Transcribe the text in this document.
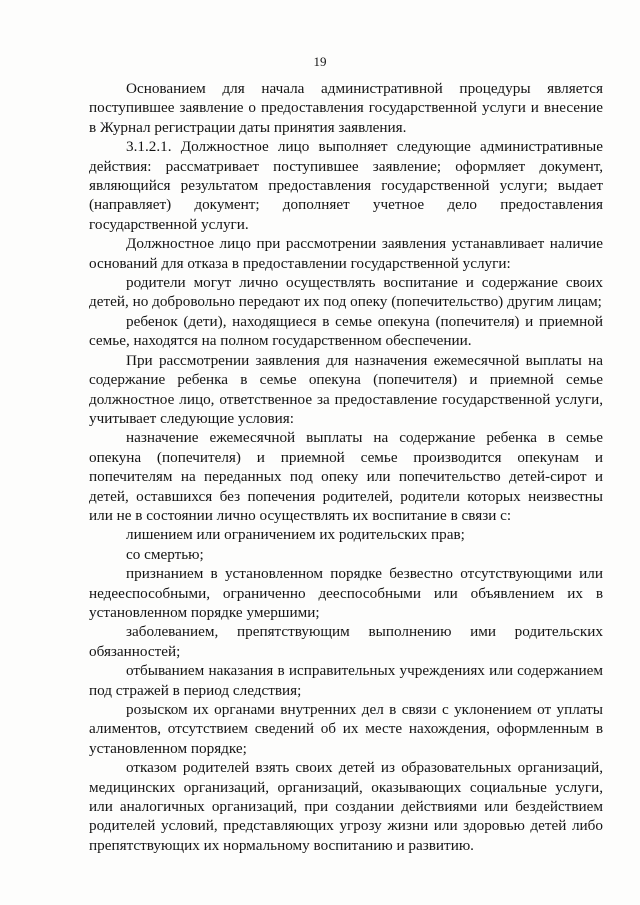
19

Основанием для начала административной процедуры является поступившее заявление о предоставления государственной услуги и внесение в Журнал регистрации даты принятия заявления.

3.1.2.1. Должностное лицо выполняет следующие административные действия: рассматривает поступившее заявление; оформляет документ, являющийся результатом предоставления государственной услуги; выдает (направляет) документ; дополняет учетное дело предоставления государственной услуги.

Должностное лицо при рассмотрении заявления устанавливает наличие оснований для отказа в предоставлении государственной услуги:

родители могут лично осуществлять воспитание и содержание своих детей, но добровольно передают их под опеку (попечительство) другим лицам;

ребенок (дети), находящиеся в семье опекуна (попечителя) и приемной семье, находятся на полном государственном обеспечении.

При рассмотрении заявления для назначения ежемесячной выплаты на содержание ребенка в семье опекуна (попечителя) и приемной семье должностное лицо, ответственное за предоставление государственной услуги, учитывает следующие условия:

назначение ежемесячной выплаты на содержание ребенка в семье опекуна (попечителя) и приемной семье производится опекунам и попечителям на переданных под опеку или попечительство детей-сирот и детей, оставшихся без попечения родителей, родители которых неизвестны или не в состоянии лично осуществлять их воспитание в связи с:

лишением или ограничением их родительских прав;

со смертью;

признанием в установленном порядке безвестно отсутствующими или недееспособными, ограниченно дееспособными или объявлением их в установленном порядке умершими;

заболеванием, препятствующим выполнению ими родительских обязанностей;

отбыванием наказания в исправительных учреждениях или содержанием под стражей в период следствия;

розыском их органами внутренних дел в связи с уклонением от уплаты алиментов, отсутствием сведений об их месте нахождения, оформленным в установленном порядке;

отказом родителей взять своих детей из образовательных организаций, медицинских организаций, организаций, оказывающих социальные услуги, или аналогичных организаций, при создании действиями или бездействием родителей условий, представляющих угрозу жизни или здоровью детей либо препятствующих их нормальному воспитанию и развитию.
